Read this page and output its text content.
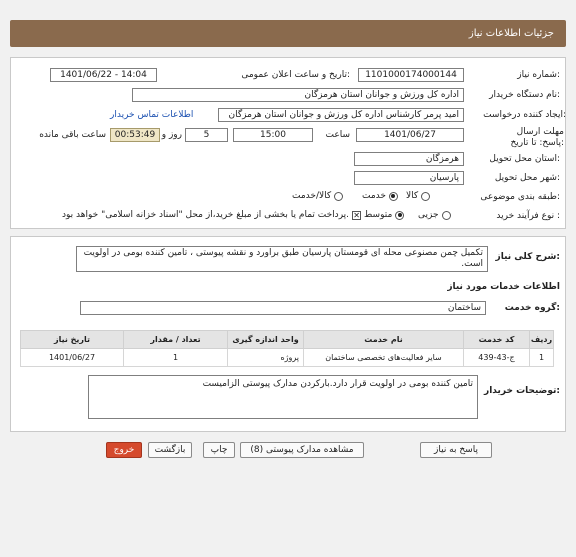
جزئیات اطلاعات نیاز
شماره نیاز:
1101000174000144
تاریخ و ساعت اعلان عمومی:
1401/06/22 - 14:04
نام دستگاه خریدار:
اداره کل ورزش و جوانان استان هرمزگان
ایجاد کننده درخواست:
امید پرمر کارشناس اداره کل ورزش و جوانان استان هرمزگان
اطلاعات تماس خریدار
مهلت ارسال پاسخ: تا تاریخ:
1401/06/27
ساعت
15:00
5
روز و
00:53:49
ساعت باقی مانده
استان محل تحویل:
هرمزگان
شهر محل تحویل:
پارسیان
طبقه بندی موضوعی:
کالا
خدمت
کالا/خدمت
نوع فرآیند خرید :
جزیی
متوسط
پرداخت تمام یا بخشی از مبلغ خرید،از محل "اسناد خزانه اسلامی" خواهد بود. ✕
شرح کلی نیاز:
تکمیل چمن مصنوعی محله ای قومستان پارسیان طبق براورد و نقشه پیوستی ، تامین کننده بومی در اولویت است.
اطلاعات خدمات مورد نیاز
گروه خدمت:
ساختمان
ردیف	کد خدمت	نام خدمت	واحد اندازه گیری	تعداد / مقدار	تاریخ نیاز
1	ج-43-439	سایر فعالیت‌های تخصصی ساختمان	پروژه	1	1401/06/27
توضیحات خریدار:
تامین کننده بومی در اولویت قرار دارد.بارکردن مدارک پیوستی الزامیست
پاسخ به نیاز
مشاهده مدارک پیوستی (8)
چاپ
بازگشت
خروج
